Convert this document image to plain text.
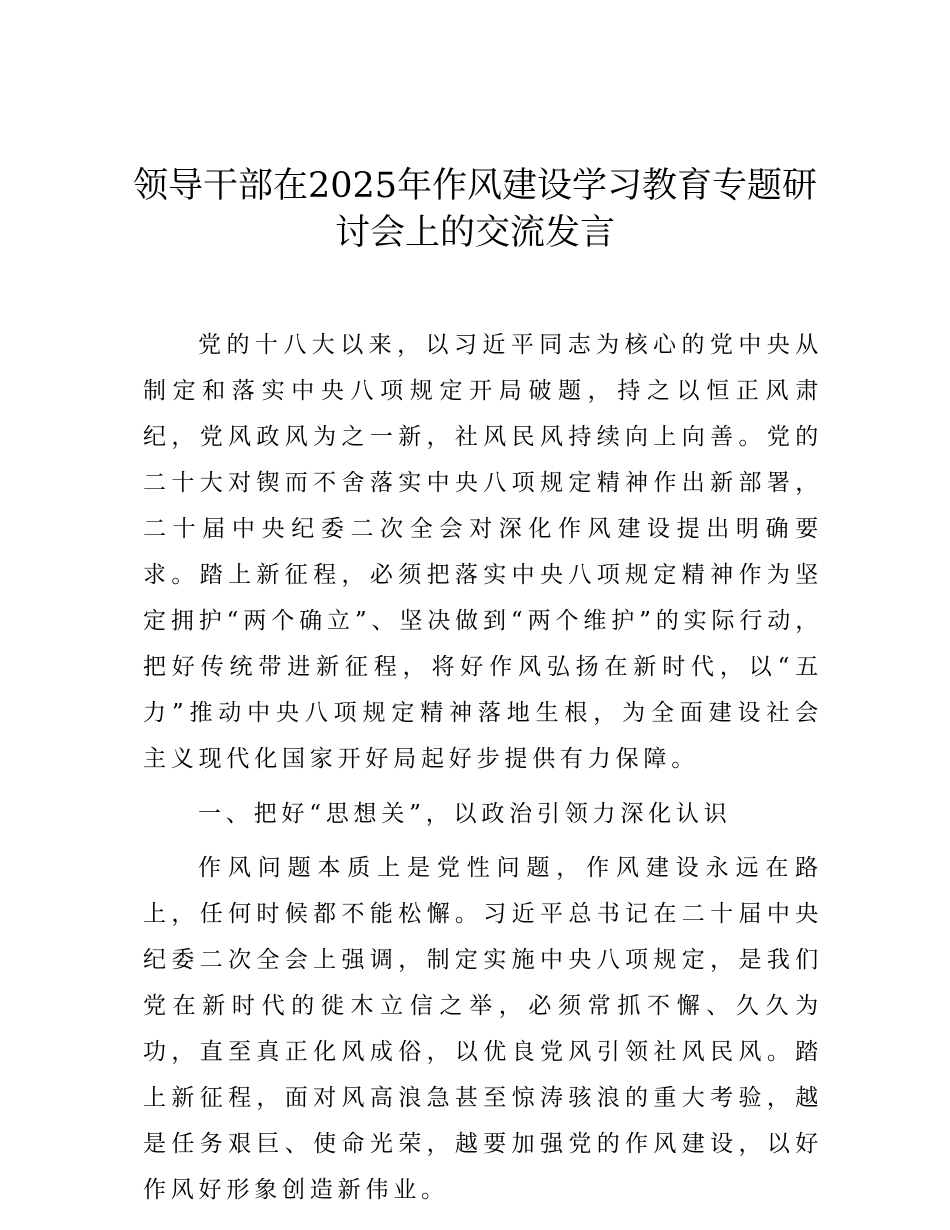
领导干部在2025年作风建设学习教育专题研
讨会上的交流发言

党的十八大以来，以习近平同志为核心的党中央从制定和落实中央八项规定开局破题，持之以恒正风肃纪，党风政风为之一新，社风民风持续向上向善。党的二十大对锲而不舍落实中央八项规定精神作出新部署，二十届中央纪委二次全会对深化作风建设提出明确要求。踏上新征程，必须把落实中央八项规定精神作为坚定拥护“两个确立”、坚决做到“两个维护”的实际行动，把好传统带进新征程，将好作风弘扬在新时代，以“五力”推动中央八项规定精神落地生根，为全面建设社会主义现代化国家开好局起好步提供有力保障。

一、把好“思想关”，以政治引领力深化认识

作风问题本质上是党性问题，作风建设永远在路上，任何时候都不能松懈。习近平总书记在二十届中央纪委二次全会上强调，制定实施中央八项规定，是我们党在新时代的徙木立信之举，必须常抓不懈、久久为功，直至真正化风成俗，以优良党风引领社风民风。踏上新征程，面对风高浪急甚至惊涛骇浪的重大考验，越是任务艰巨、使命光荣，越要加强党的作风建设，以好作风好形象创造新伟业。
